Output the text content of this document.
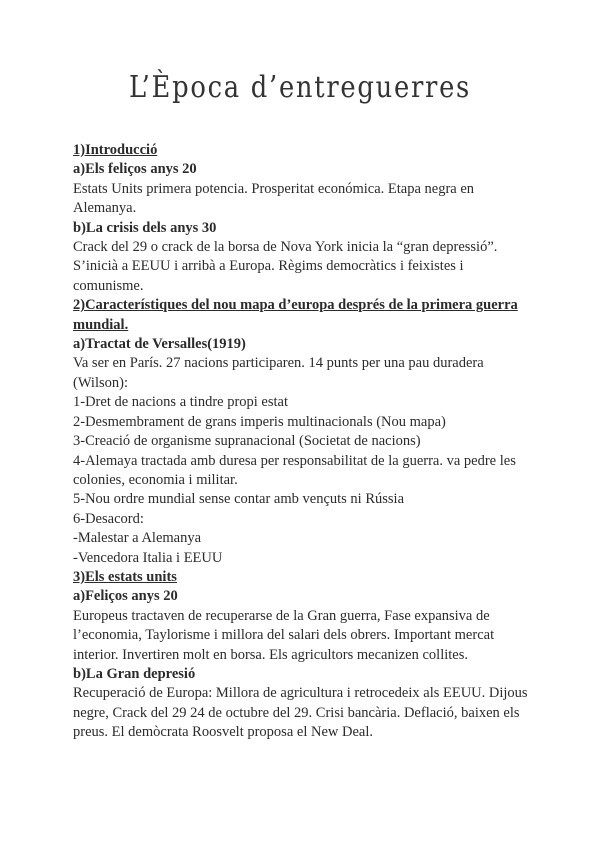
L’Època d’entreguerres
1)Introducció
a)Els feliços anys 20
Estats Units primera potencia. Prosperitat económica. Etapa negra en Alemanya.
b)La crisis dels anys 30
Crack del 29 o crack de la borsa de Nova York inicia la “gran depressió”. S’inicià a EEUU i arribà a Europa. Règims democràtics i feixistes i comunisme.
2)Característiques del nou mapa d’europa després de la primera guerra mundial.
a)Tractat de Versalles(1919)
Va ser en París. 27 nacions participaren. 14 punts per una pau duradera (Wilson):
1-Dret de nacions a tindre propi estat
2-Desmembrament de grans imperis multinacionals (Nou mapa)
3-Creació de organisme supranacional (Societat de nacions)
4-Alemaya tractada amb duresa per responsabilitat de la guerra. va pedre les colonies, economia i militar.
5-Nou ordre mundial sense contar amb vençuts ni Rússia
6-Desacord:
-Malestar a Alemanya
-Vencedora Italia i EEUU
3)Els estats units
a)Feliços anys 20
Europeus tractaven de recuperarse de la Gran guerra, Fase expansiva de l’economia, Taylorisme i millora del salari dels obrers. Important mercat interior. Invertiren molt en borsa. Els agricultors mecanizen collites.
b)La Gran depresió
Recuperació de Europa: Millora de agricultura i retrocedeix als EEUU. Dijous negre, Crack del 29 24 de octubre del 29. Crisi bancària. Deflació, baixen els preus. El demòcrata Roosvelt proposa el New Deal.
